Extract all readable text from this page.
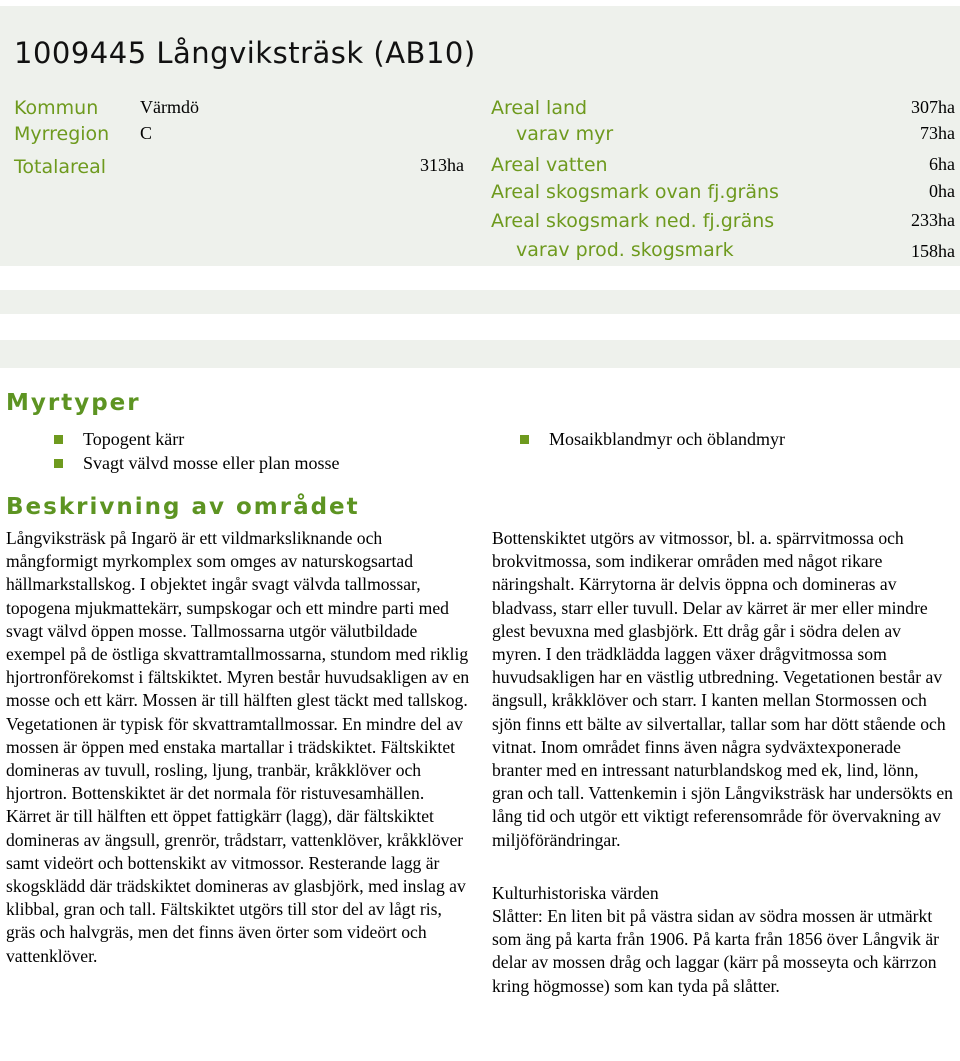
1009445 Långviksträsk (AB10)
Kommun Värmdö
Myrregion C
Totalareal	313ha
Areal land	307ha
varav myr	73ha
Areal vatten	6ha
Areal skogsmark ovan fj.gräns	0ha
Areal skogsmark ned. fj.gräns	233ha
varav prod. skogsmark	158ha
Myrtyper
Topogent kärr
Svagt välvd mosse eller plan mosse
Mosaikblandmyr och öblandmyr
Beskrivning av området

Långviksträsk på Ingarö är ett vildmarksliknande och mångformigt myrkomplex som omges av naturskogsartad hällmarkstallskog. I objektet ingår svagt välvda tallmossar, topogena mjukmattekärr, sumpskogar och ett mindre parti med svagt välvd öppen mosse. Tallmossarna utgör välutbildade exempel på de östliga skvattramtallmossarna, stundom med riklig hjortronförekomst i fältskiktet. Myren består huvudsakligen av en mosse och ett kärr. Mossen är till hälften glest täckt med tallskog. Vegetationen är typisk för skvattramtallmossar. En mindre del av mossen är öppen med enstaka martallar i trädskiktet. Fältskiktet domineras av tuvull, rosling, ljung, tranbär, kråkklöver och hjortron. Bottenskiktet är det normala för ristuvesamhällen. Kärret är till hälften ett öppet fattigkärr (lagg), där fältskiktet domineras av ängsull, grenrör, trådstarr, vattenklöver, kråkklöver samt videört och bottenskikt av vitmossor. Resterande lagg är skogsklädd där trädskiktet domineras av glasbjörk, med inslag av klibbal, gran och tall. Fältskiktet utgörs till stor del av lågt ris, gräs och halvgräs, men det finns även örter som videört och vattenklöver.

Bottenskiktet utgörs av vitmossor, bl. a. spärrvitmossa och brokvitmossa, som indikerar områden med något rikare näringshalt. Kärrytorna är delvis öppna och domineras av bladvass, starr eller tuvull. Delar av kärret är mer eller mindre glest bevuxna med glasbjörk. Ett dråg går i södra delen av myren. I den trädklädda laggen växer drågvitmossa som huvudsakligen har en västlig utbredning. Vegetationen består av ängsull, kråkklöver och starr. I kanten mellan Stormossen och sjön finns ett bälte av silvertallar, tallar som har dött stående och vitnat. Inom området finns även några sydväxtexponerade branter med en intressant naturblandskog med ek, lind, lönn, gran och tall. Vattenkemin i sjön Långviksträsk har undersökts en lång tid och utgör ett viktigt referensområde för övervakning av miljöförändringar.

Kulturhistoriska värden

Slåtter: En liten bit på västra sidan av södra mossen är utmärkt som äng på karta från 1906. På karta från 1856 över Långvik är delar av mossen dråg och laggar (kärr på mosseyta och kärrzon kring högmosse) som kan tyda på slåtter.
